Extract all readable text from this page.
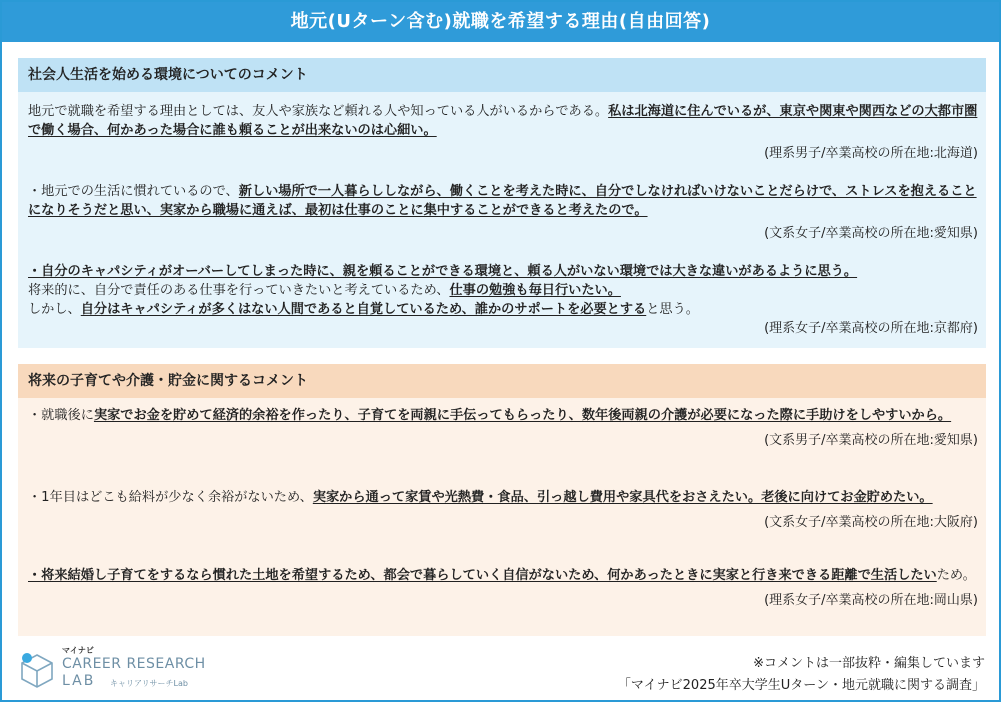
地元(Uターン含む)就職を希望する理由(自由回答)
社会人生活を始める環境についてのコメント

地元で就職を希望する理由としては、友人や家族など頼れる人や知っている人がいるからである。私は北海道に住んでいるが、東京や関東や関西などの大都市圏で働く場合、何かあった場合に誰も頼ることが出来ないのは心細い。

(理系男子/卒業高校の所在地:北海道)

・地元での生活に慣れているので、新しい場所で一人暮らししながら、働くことを考えた時に、自分でしなければいけないことだらけで、ストレスを抱えることになりそうだと思い、実家から職場に通えば、最初は仕事のことに集中することができると考えたので。

(文系女子/卒業高校の所在地:愛知県)

・自分のキャパシティがオーバーしてしまった時に、親を頼ることができる環境と、頼る人がいない環境では大きな違いがあるように思う。

将来的に、自分で責任のある仕事を行っていきたいと考えているため、仕事の勉強も毎日行いたい。

しかし、自分はキャパシティが多くはない人間であると自覚しているため、誰かのサポートを必要とすると思う。

(理系女子/卒業高校の所在地:京都府)
将来の子育てや介護・貯金に関するコメント

・就職後に実家でお金を貯めて経済的余裕を作ったり、子育てを両親に手伝ってもらったり、数年後両親の介護が必要になった際に手助けをしやすいから。

(文系男子/卒業高校の所在地:愛知県)

・1年目はどこも給料が少なく余裕がないため、実家から通って家賃や光熱費・食品、引っ越し費用や家具代をおさえたい。老後に向けてお金貯めたい。

(文系女子/卒業高校の所在地:大阪府)

・将来結婚し子育てをするなら慣れた土地を希望するため、都会で暮らしていく自信がないため、何かあったときに実家と行き来できる距離で生活したいため。

(理系女子/卒業高校の所在地:岡山県)
マイナビ
CAREER RESEARCH
LAB キャリアリサーチLab
※コメントは一部抜粋・編集しています
「マイナビ2025年卒大学生Uターン・地元就職に関する調査」
